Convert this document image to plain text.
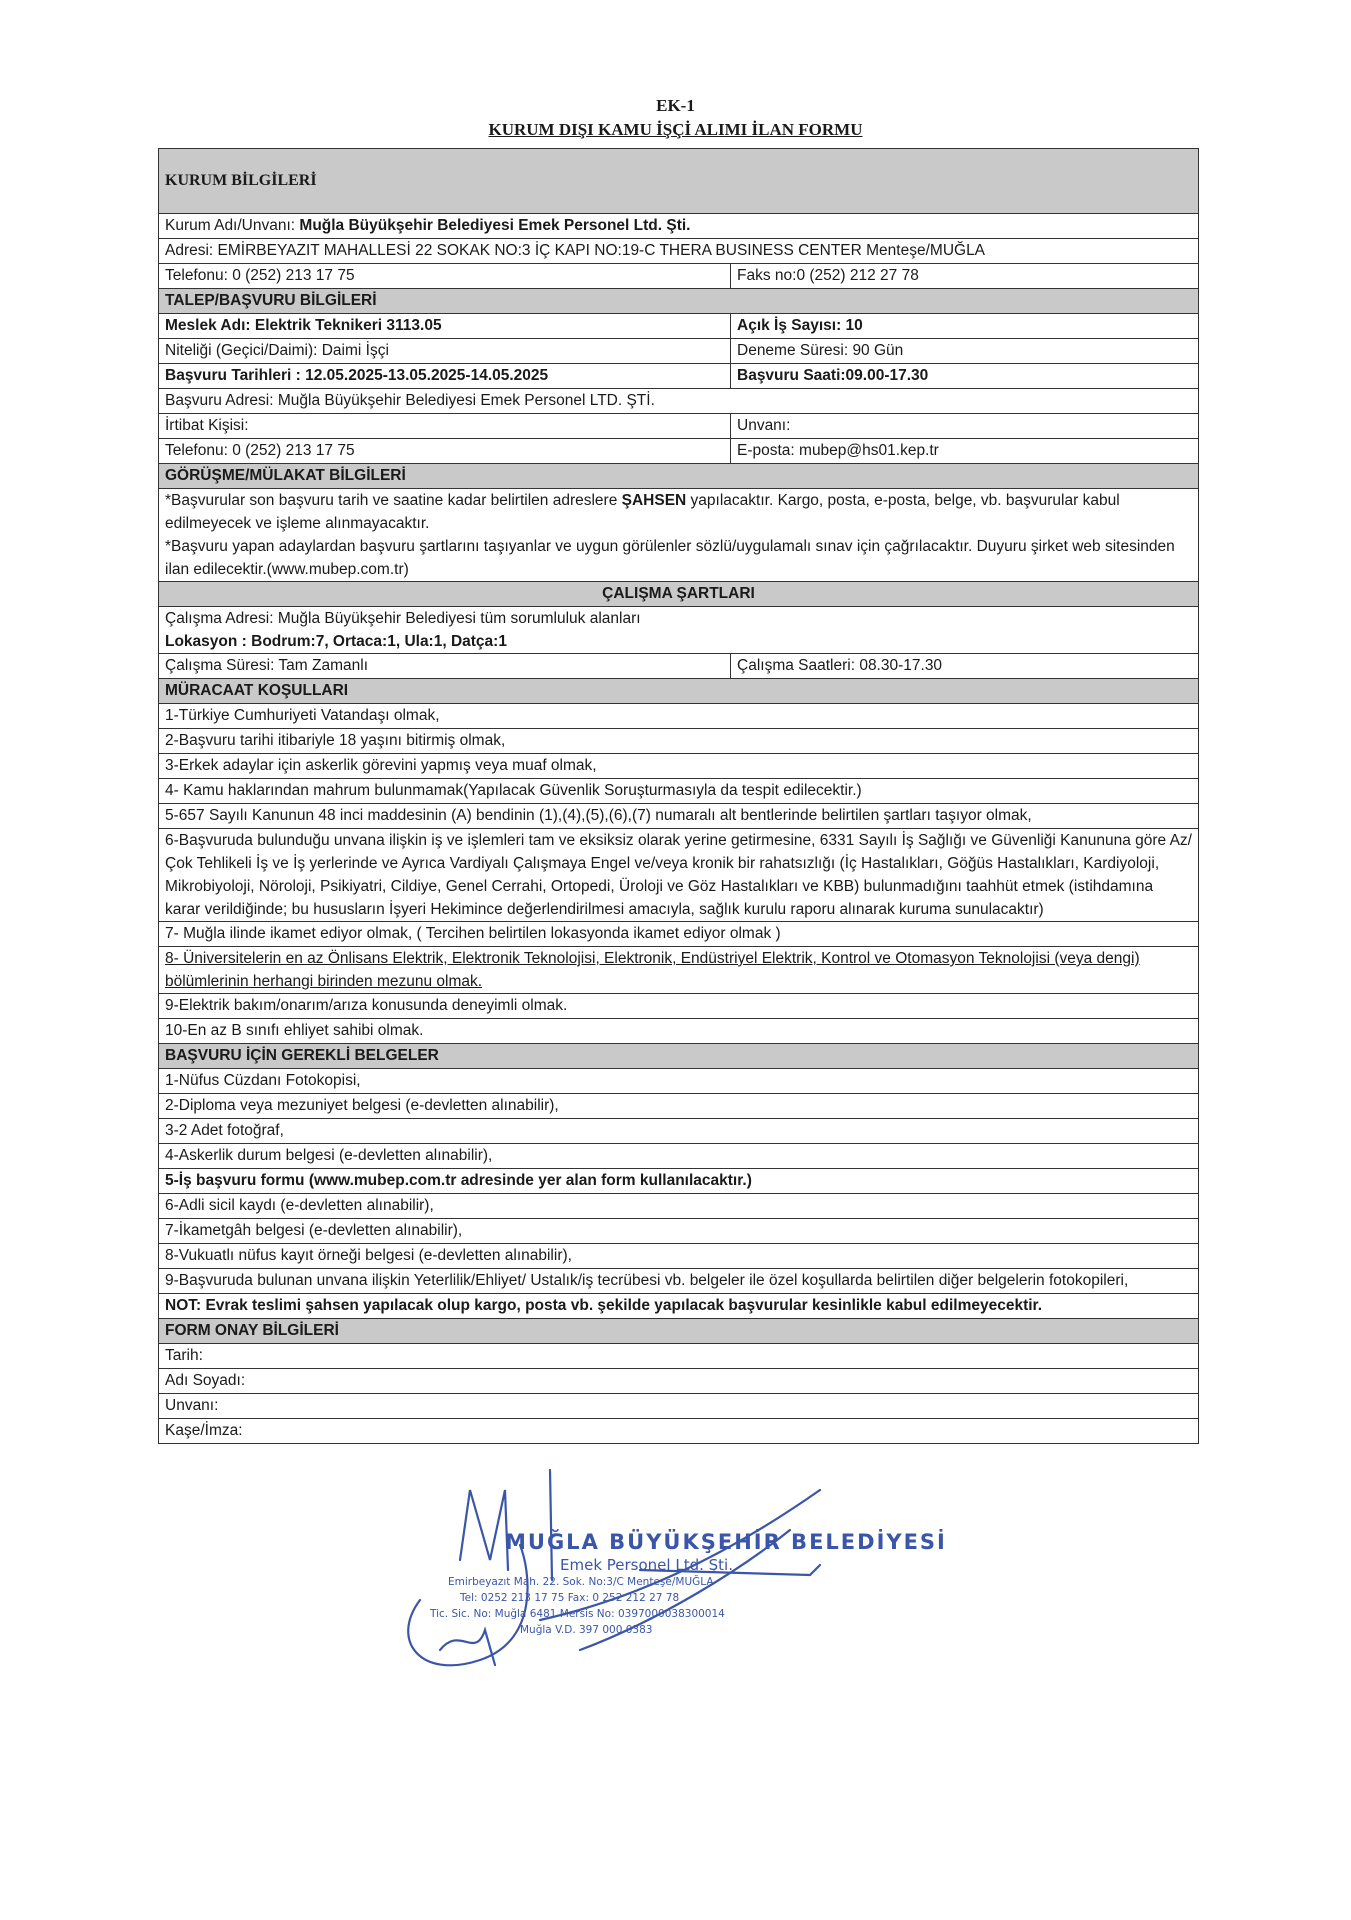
EK-1
KURUM DIŞI KAMU İŞÇİ ALIMI İLAN FORMU
KURUM BİLGİLERİ	
Kurum Adı/Unvanı: Muğla Büyükşehir Belediyesi Emek Personel Ltd. Şti.	
Adresi: EMİRBEYAZIT MAHALLESİ 22 SOKAK NO:3 İÇ KAPI NO:19-C THERA BUSINESS CENTER Menteşe/MUĞLA	
Telefonu: 0 (252) 213 17 75	Faks no:0 (252) 212 27 78
TALEP/BAŞVURU BİLGİLERİ	
Meslek Adı: Elektrik Teknikeri 3113.05	Açık İş Sayısı: 10
Niteliği (Geçici/Daimi): Daimi İşçi	Deneme Süresi: 90 Gün
Başvuru Tarihleri : 12.05.2025-13.05.2025-14.05.2025	Başvuru Saati:09.00-17.30
Başvuru Adresi: Muğla Büyükşehir Belediyesi Emek Personel LTD. ŞTİ.	
İrtibat Kişisi:	Unvanı:
Telefonu: 0 (252) 213 17 75	E-posta: mubep@hs01.kep.tr
GÖRÜŞME/MÜLAKAT BİLGİLERİ	

*Başvurular son başvuru tarih ve saatine kadar belirtilen adreslere ŞAHSEN yapılacaktır. Kargo, posta, e-posta, belge, vb. başvurular kabul edilmeyecek ve işleme alınmayacaktır.
*Başvuru yapan adaylardan başvuru şartlarını taşıyanlar ve uygun görülenler sözlü/uygulamalı sınav için çağrılacaktır. Duyuru şirket web sitesinden ilan edilecektir.(www.mubep.com.tr)	

ÇALIŞMA ŞARTLARI	

Çalışma Adresi: Muğla Büyükşehir Belediyesi tüm sorumluluk alanları
Lokasyon : Bodrum:7, Ortaca:1, Ula:1, Datça:1	

Çalışma Süresi: Tam Zamanlı	Çalışma Saatleri: 08.30-17.30
MÜRACAAT KOŞULLARI	
1-Türkiye Cumhuriyeti Vatandaşı olmak,	
2-Başvuru tarihi itibariyle 18 yaşını bitirmiş olmak,	
3-Erkek adaylar için askerlik görevini yapmış veya muaf olmak,	
4- Kamu haklarından mahrum bulunmamak(Yapılacak Güvenlik Soruşturmasıyla da tespit edilecektir.)	
5-657 Sayılı Kanunun 48 inci maddesinin (A) bendinin (1),(4),(5),(6),(7) numaralı alt bentlerinde belirtilen şartları taşıyor olmak,	
6-Başvuruda bulunduğu unvana ilişkin iş ve işlemleri tam ve eksiksiz olarak yerine getirmesine, 6331 Sayılı İş Sağlığı ve Güvenliği Kanununa göre Az/Çok Tehlikeli İş ve İş yerlerinde ve Ayrıca Vardiyalı Çalışmaya Engel ve/veya kronik bir rahatsızlığı (İç Hastalıkları, Göğüs Hastalıkları, Kardiyoloji, Mikrobiyoloji, Nöroloji, Psikiyatri, Cildiye, Genel Cerrahi, Ortopedi, Üroloji ve Göz Hastalıkları ve KBB) bulunmadığını taahhüt etmek (istihdamına karar verildiğinde; bu hususların İşyeri Hekimince değerlendirilmesi amacıyla, sağlık kurulu raporu alınarak kuruma sunulacaktır)	
7- Muğla ilinde ikamet ediyor olmak, ( Tercihen belirtilen lokasyonda ikamet ediyor olmak )	
8- Üniversitelerin en az Önlisans Elektrik, Elektronik Teknolojisi, Elektronik, Endüstriyel Elektrik, Kontrol ve Otomasyon Teknolojisi (veya dengi) bölümlerinin herhangi birinden mezunu olmak.	
9-Elektrik bakım/onarım/arıza konusunda deneyimli olmak.	
10-En az B sınıfı ehliyet sahibi olmak.	
BAŞVURU İÇİN GEREKLİ BELGELER	
1-Nüfus Cüzdanı Fotokopisi,	
2-Diploma veya mezuniyet belgesi (e-devletten alınabilir),	
3-2 Adet fotoğraf,	
4-Askerlik durum belgesi (e-devletten alınabilir),	
5-İş başvuru formu (www.mubep.com.tr adresinde yer alan form kullanılacaktır.)	
6-Adli sicil kaydı (e-devletten alınabilir),	
7-İkametgâh belgesi (e-devletten alınabilir),	
8-Vukuatlı nüfus kayıt örneği belgesi (e-devletten alınabilir),	
9-Başvuruda bulunan unvana ilişkin Yeterlilik/Ehliyet/ Ustalık/iş tecrübesi vb. belgeler ile özel koşullarda belirtilen diğer belgelerin fotokopileri,	
NOT: Evrak teslimi şahsen yapılacak olup kargo, posta vb. şekilde yapılacak başvurular kesinlikle kabul edilmeyecektir.	
FORM ONAY BİLGİLERİ	
Tarih:	
Adı Soyadı:	
Unvanı:	
Kaşe/İmza:	
MUĞLA BÜYÜKŞEHİR BELEDİYESİ
Emek Personel Ltd. Şti.
Emirbeyazıt Mah. 22. Sok. No:3/C Menteşe/MUĞLA
Tel: 0252 213 17 75 Fax: 0 252 212 27 78
Tic. Sic. No: Muğla 6481 Mersis No: 0397000038300014
Muğla V.D. 397 000 0383
